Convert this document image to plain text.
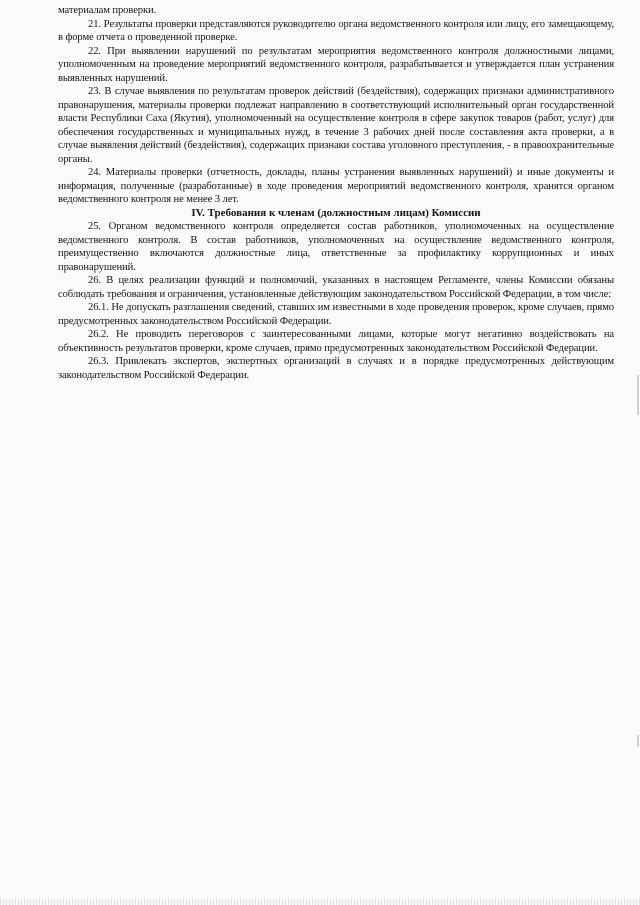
материалам проверки.

21. Результаты проверки представляются руководителю органа ведомственного контроля или лицу, его замещающему, в форме отчета о проведенной проверке.

22. При выявлении нарушений по результатам мероприятия ведомственного контроля должностными лицами, уполномоченным на проведение мероприятий ведомственного контроля, разрабатывается и утверждается план устранения выявленных нарушений.

23. В случае выявления по результатам проверок действий (бездействия), содержащих признаки административного правонарушения, материалы проверки подлежат направлению в соответствующий исполнительный орган государственной власти Республики Саха (Якутия), уполномоченный на осуществление контроля в сфере закупок товаров (работ, услуг) для обеспечения государственных и муниципальных нужд, в течение 3 рабочих дней после составления акта проверки, а в случае выявления действий (бездействия), содержащих признаки состава уголовного преступления, - в правоохранительные органы.

24. Материалы проверки (отчетность, доклады, планы устранения выявленных нарушений) и иные документы и информация, полученные (разработанные) в ходе проведения мероприятий ведомственного контроля, хранятся органом ведомственного контроля не менее 3 лет.

IV. Требования к членам (должностным лицам) Комиссии

25. Органом ведомственного контроля определяется состав работников, уполномоченных на осуществление ведомственного контроля. В состав работников, уполномоченных на осуществление ведомственного контроля, преимущественно включаются должностные лица, ответственные за профилактику коррупционных и иных правонарушений.

26. В целях реализации функций и полномочий, указанных в настоящем Регламенте, члены Комиссии обязаны соблюдать требования и ограничения, установленные действующим законодательством Российской Федерации, в том числе:

26.1. Не допускать разглашения сведений, ставших им известными в ходе проведения проверок, кроме случаев, прямо предусмотренных законодательством Российской Федерации.

26.2. Не проводить переговоров с заинтересованными лицами, которые могут негативно воздействовать на объективность результатов проверки, кроме случаев, прямо предусмотренных законодательством Российской Федерации.

26.3. Привлекать экспертов, экспертных организаций в случаях и в порядке предусмотренных действующим законодательством Российской Федерации.
